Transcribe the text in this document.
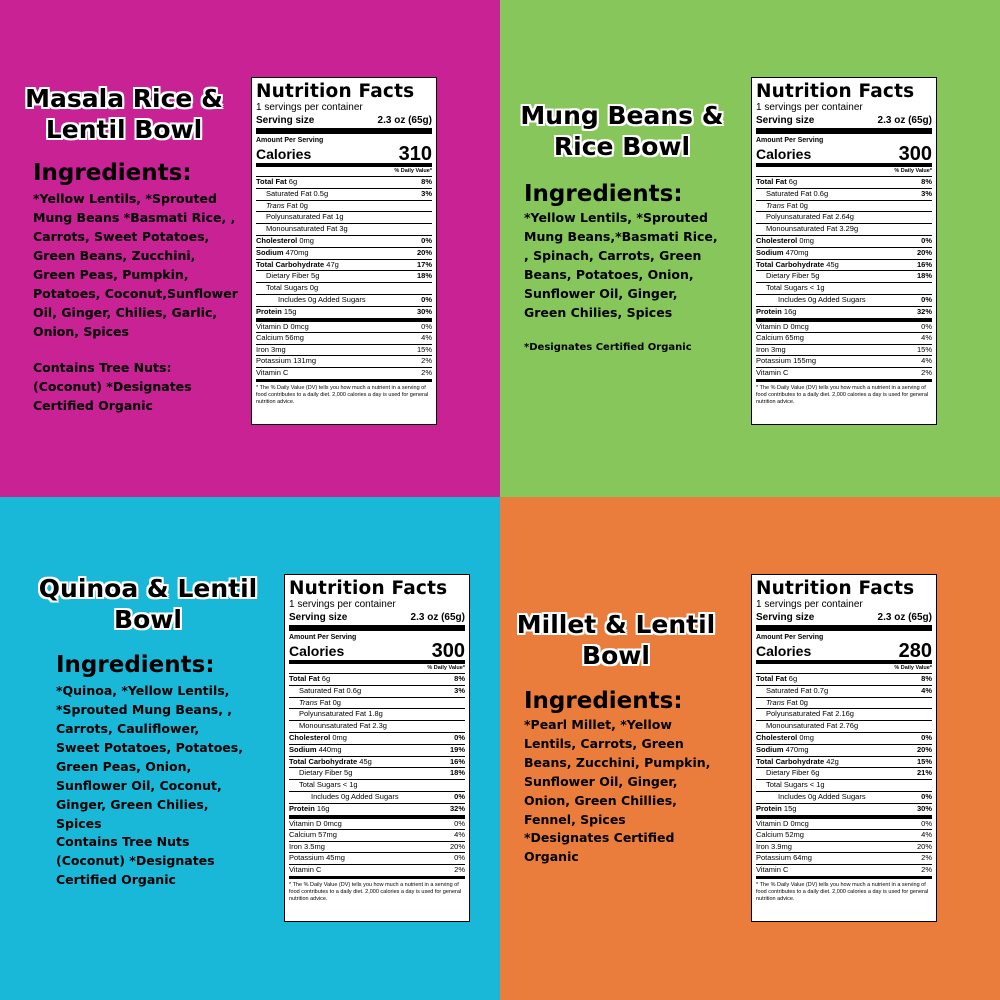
Masala Rice &
Lentil Bowl
Ingredients:
*Yellow Lentils, *Sprouted Mung Beans *Basmati Rice, , Carrots, Sweet Potatoes, Green Beans, Zucchini, Green Peas, Pumpkin, Potatoes, Coconut,Sunflower Oil, Ginger, Chilies, Garlic, Onion, Spices
Contains Tree Nuts: (Coconut) *Designates Certified Organic
Nutrition Facts
1 servings per container
Serving size	2.3 oz (65g)
Amount Per Serving
Calories	310
% Daily Value*
Total Fat 6g	8%
Saturated Fat 0.5g	3%
Trans Fat 0g
Polyunsaturated Fat 1g
Monounsaturated Fat 3g
Cholesterol 0mg	0%
Sodium 470mg	20%
Total Carbohydrate 47g	17%
Dietary Fiber 5g	18%
Total Sugars 0g
Includes 0g Added Sugars	0%
Protein 15g	30%
Vitamin D 0mcg	0%
Calcium 56mg	4%
Iron 3mg	15%
Potassium 131mg	2%
Vitamin C	2%
* The % Daily Value (DV) tells you how much a nutrient in a serving of food contributes to a daily diet. 2,000 calories a day is used for general nutrition advice.
Mung Beans &
Rice Bowl
Ingredients:
*Yellow Lentils, *Sprouted Mung Beans,*Basmati Rice, , Spinach, Carrots, Green Beans, Potatoes, Onion, Sunflower Oil, Ginger, Green Chilies, Spices
*Designates Certified Organic
Nutrition Facts
1 servings per container
Serving size	2.3 oz (65g)
Amount Per Serving
Calories	300
% Daily Value*
Total Fat 6g	8%
Saturated Fat 0.6g	3%
Trans Fat 0g
Polyunsaturated Fat 2.64g
Monounsaturated Fat 3.29g
Cholesterol 0mg	0%
Sodium 470mg	20%
Total Carbohydrate 45g	16%
Dietary Fiber 5g	18%
Total Sugars < 1g
Includes 0g Added Sugars	0%
Protein 16g	32%
Vitamin D 0mcg	0%
Calcium 65mg	4%
Iron 3mg	15%
Potassium 155mg	4%
Vitamin C	2%
* The % Daily Value (DV) tells you how much a nutrient in a serving of food contributes to a daily diet. 2,000 calories a day is used for general nutrition advice.
Quinoa & Lentil
Bowl
Ingredients:
*Quinoa, *Yellow Lentils, *Sprouted Mung Beans, , Carrots, Cauliflower, Sweet Potatoes, Potatoes, Green Peas, Onion, Sunflower Oil, Coconut, Ginger, Green Chilies, Spices
Contains Tree Nuts (Coconut) *Designates Certified Organic
Nutrition Facts
1 servings per container
Serving size	2.3 oz (65g)
Amount Per Serving
Calories	300
% Daily Value*
Total Fat 6g	8%
Saturated Fat 0.6g	3%
Trans Fat 0g
Polyunsaturated Fat 1.8g
Monounsaturated Fat 2.3g
Cholesterol 0mg	0%
Sodium 440mg	19%
Total Carbohydrate 45g	16%
Dietary Fiber 5g	18%
Total Sugars < 1g
Includes 0g Added Sugars	0%
Protein 16g	32%
Vitamin D 0mcg	0%
Calcium 57mg	4%
Iron 3.5mg	20%
Potassium 45mg	0%
Vitamin C	2%
* The % Daily Value (DV) tells you how much a nutrient in a serving of food contributes to a daily diet. 2,000 calories a day is used for general nutrition advice.
Millet & Lentil
Bowl
Ingredients:
*Pearl Millet, *Yellow Lentils, Carrots, Green Beans, Zucchini, Pumpkin, Sunflower Oil, Ginger, Onion, Green Chillies, Fennel, Spices
*Designates Certified Organic
Nutrition Facts
1 servings per container
Serving size	2.3 oz (65g)
Amount Per Serving
Calories	280
% Daily Value*
Total Fat 6g	8%
Saturated Fat 0.7g	4%
Trans Fat 0g
Polyunsaturated Fat 2.16g
Monounsaturated Fat 2.76g
Cholesterol 0mg	0%
Sodium 470mg	20%
Total Carbohydrate 42g	15%
Dietary Fiber 6g	21%
Total Sugars < 1g
Includes 0g Added Sugars	0%
Protein 15g	30%
Vitamin D 0mcg	0%
Calcium 52mg	4%
Iron 3.9mg	20%
Potassium 64mg	2%
Vitamin C	2%
* The % Daily Value (DV) tells you how much a nutrient in a serving of food contributes to a daily diet. 2,000 calories a day is used for general nutrition advice.
